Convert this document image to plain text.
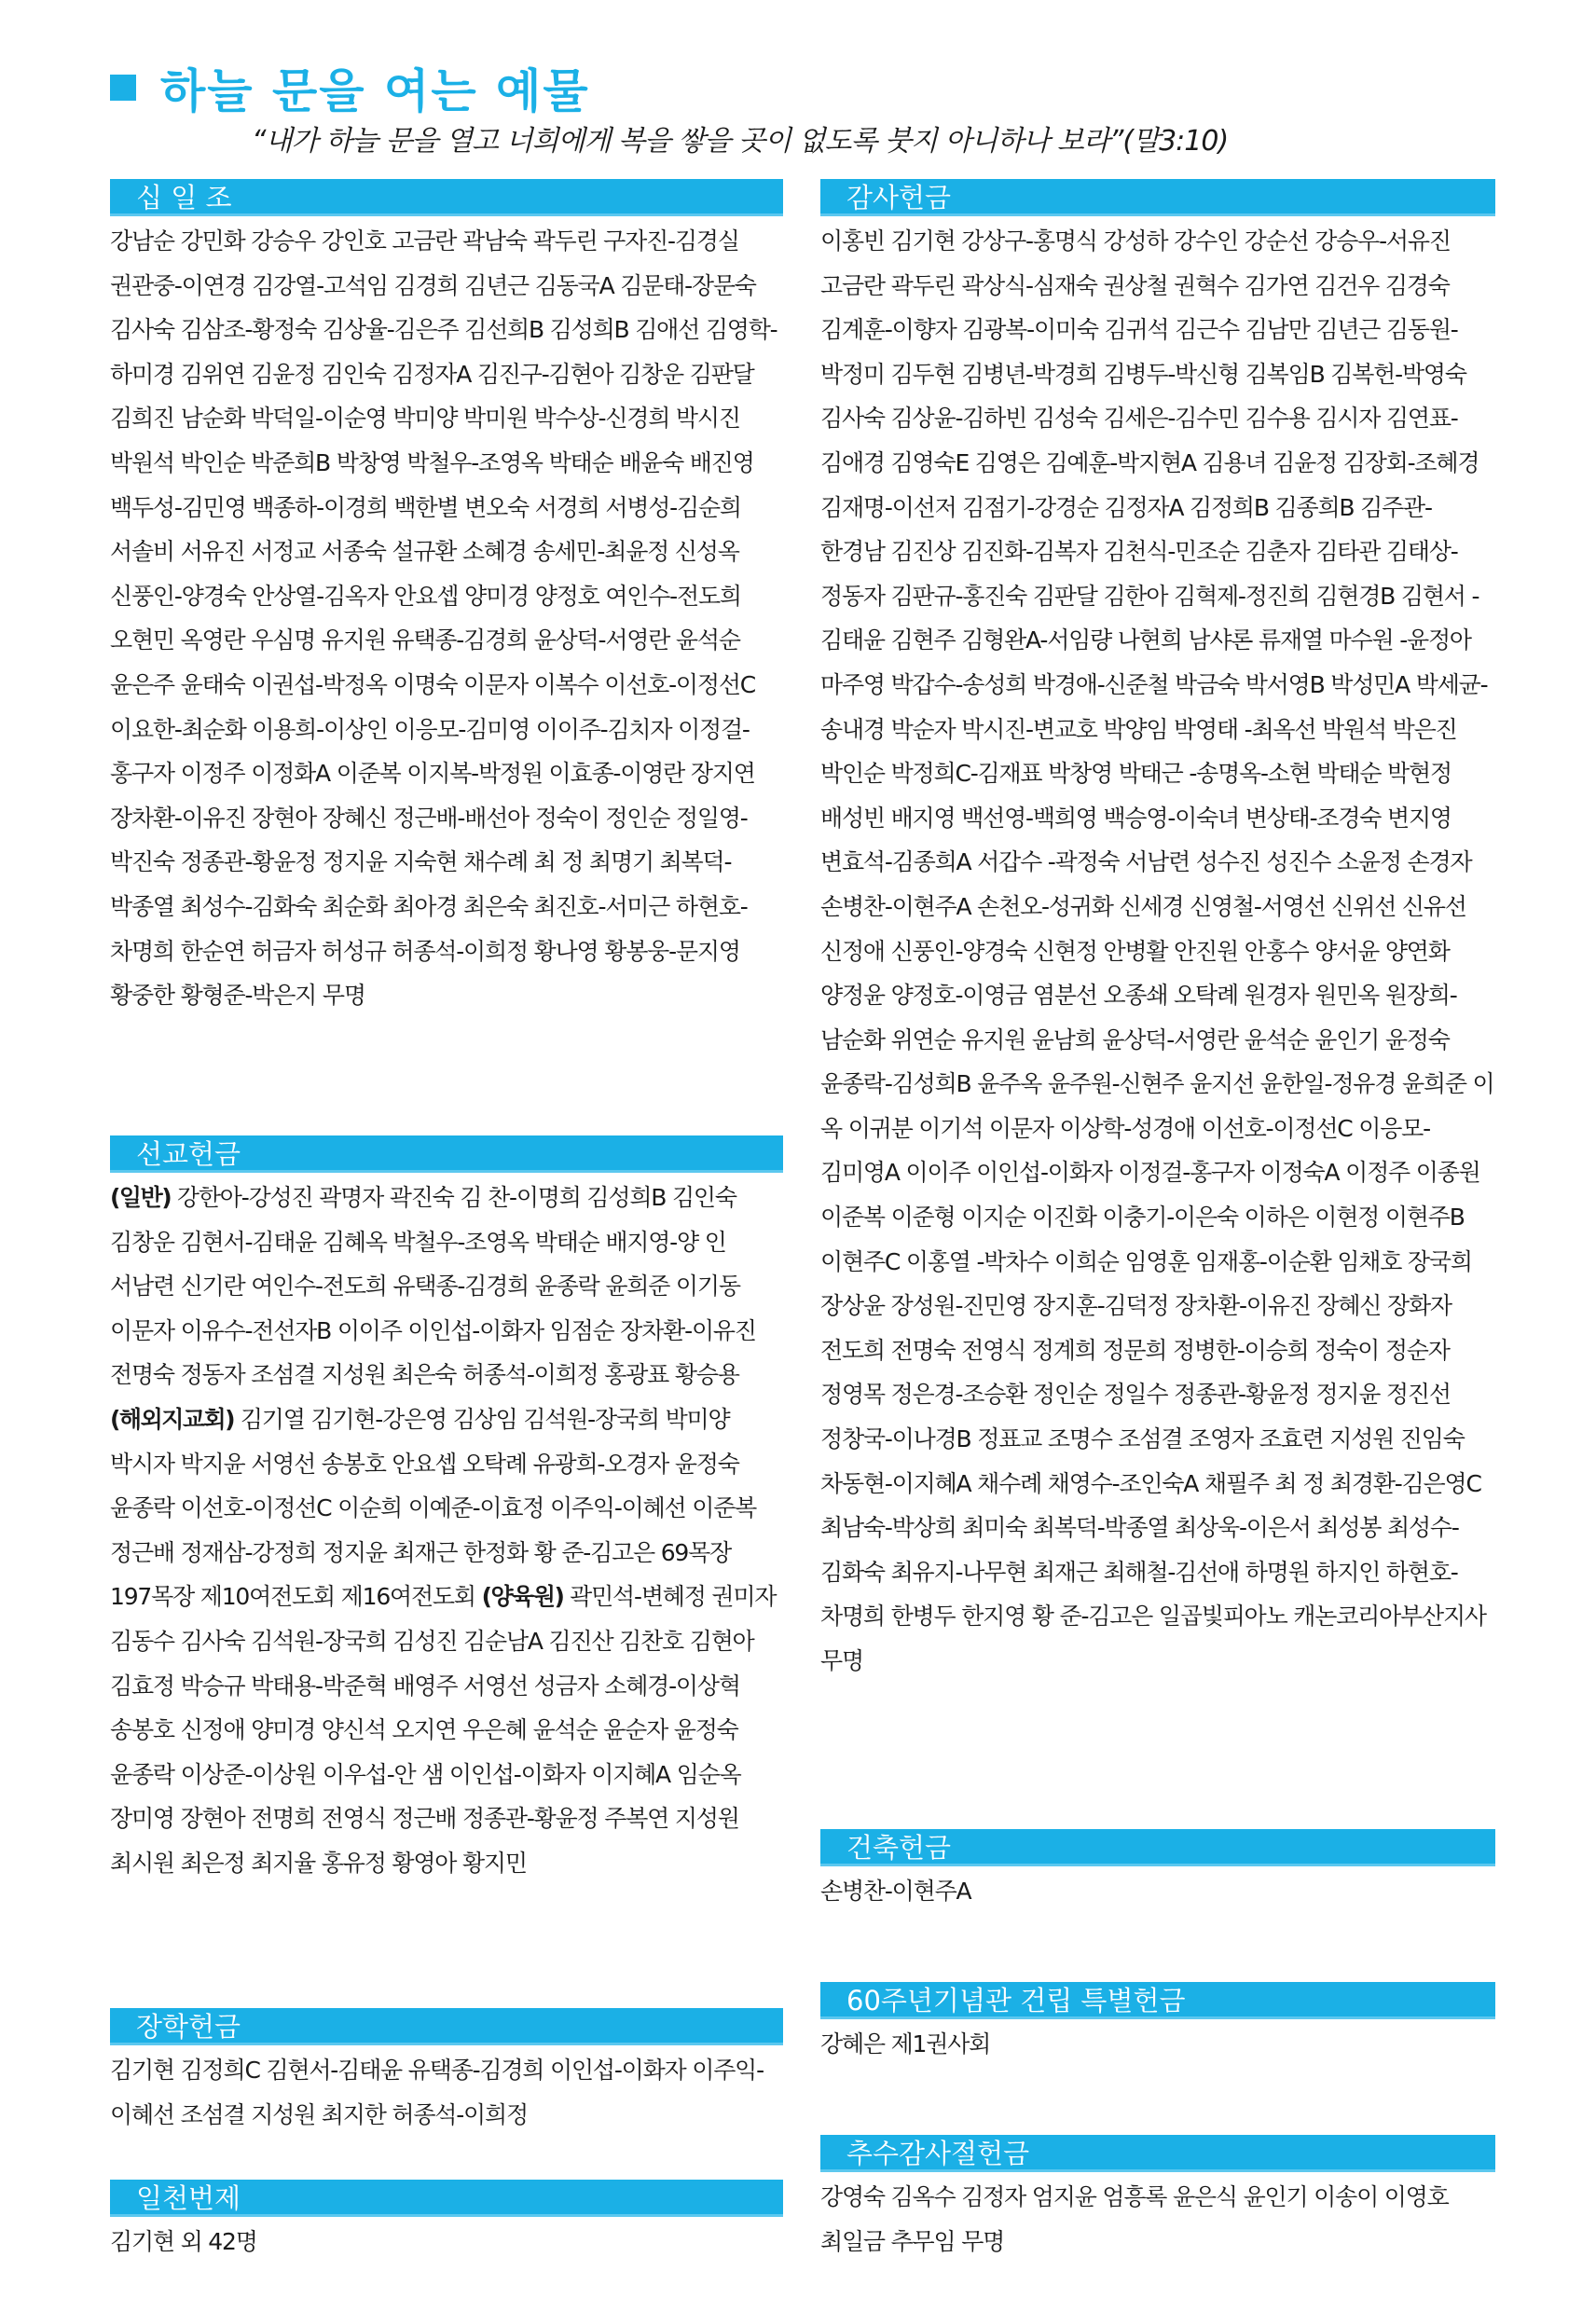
하늘 문을 여는 예물
“내가 하늘 문을 열고 너희에게 복을 쌓을 곳이 없도록 붓지 아니하나 보라”(말3:10)
십 일 조
강남순 강민화 강승우 강인호 고금란 곽남숙 곽두린 구자진-김경실 권관중-이연경 김강열-고석임 김경희 김년근 김동국A 김문태-장문숙 김사숙 김삼조-황정숙 김상율-김은주 김선희B 김성희B 김애선 김영학-하미경 김위연 김윤정 김인숙 김정자A 김진구-김현아 김창운 김판달 김희진 남순화 박덕일-이순영 박미양 박미원 박수상-신경희 박시진 박원석 박인순 박준희B 박창영 박철우-조영옥 박태순 배윤숙 배진영 백두성-김민영 백종하-이경희 백한별 변오숙 서경희 서병성-김순희 서솔비 서유진 서정교 서종숙 설규환 소혜경 송세민-최윤정 신성옥 신풍인-양경숙 안상열-김옥자 안요셉 양미경 양정호 여인수-전도희 오현민 옥영란 우심명 유지원 유택종-김경희 윤상덕-서영란 윤석순 윤은주 윤태숙 이권섭-박정옥 이명숙 이문자 이복수 이선호-이정선C 이요한-최순화 이용희-이상인 이응모-김미영 이이주-김치자 이정걸-홍구자 이정주 이정화A 이준복 이지복-박정원 이효종-이영란 장지연 장차환-이유진 장현아 장혜신 정근배-배선아 정숙이 정인순 정일영-박진숙 정종관-황윤정 정지윤 지숙현 채수례 최 정 최명기 최복덕-박종열 최성수-김화숙 최순화 최아경 최은숙 최진호-서미근 하현호-차명희 한순연 허금자 허성규 허종석-이희정 황나영 황봉웅-문지영 황중한 황형준-박은지 무명
선교헌금
(일반) 강한아-강성진 곽명자 곽진숙 김 찬-이명희 김성희B 김인숙 김창운 김현서-김태윤 김혜옥 박철우-조영옥 박태순 배지영-양 인 서남련 신기란 여인수-전도희 유택종-김경희 윤종락 윤희준 이기동 이문자 이유수-전선자B 이이주 이인섭-이화자 임점순 장차환-이유진 전명숙 정동자 조섬결 지성원 최은숙 허종석-이희정 홍광표 황승용 (해외지교회) 김기열 김기현-강은영 김상임 김석원-장국희 박미양 박시자 박지윤 서영선 송봉호 안요셉 오탁례 유광희-오경자 윤정숙 윤종락 이선호-이정선C 이순희 이예준-이효정 이주익-이혜선 이준복 정근배 정재삼-강정희 정지윤 최재근 한정화 황 준-김고은 69목장 197목장 제10여전도회 제16여전도회 (양육원) 곽민석-변혜정 권미자 김동수 김사숙 김석원-장국희 김성진 김순남A 김진산 김찬호 김현아 김효정 박승규 박태용-박준혁 배영주 서영선 성금자 소혜경-이상혁 송봉호 신정애 양미경 양신석 오지연 우은혜 윤석순 윤순자 윤정숙 윤종락 이상준-이상원 이우섭-안 샘 이인섭-이화자 이지혜A 임순옥 장미영 장현아 전명희 전영식 정근배 정종관-황윤정 주복연 지성원 최시원 최은정 최지율 홍유정 황영아 황지민
장학헌금
김기현 김정희C 김현서-김태윤 유택종-김경희 이인섭-이화자 이주익-이혜선 조섬결 지성원 최지한 허종석-이희정
일천번제
김기현 외 42명
감사헌금
이홍빈 김기현 강상구-홍명식 강성하 강수인 강순선 강승우-서유진 고금란 곽두린 곽상식-심재숙 권상철 권혁수 김가연 김건우 김경숙 김계훈-이향자 김광복-이미숙 김귀석 김근수 김남만 김년근 김동원-박정미 김두현 김병년-박경희 김병두-박신형 김복임B 김복헌-박영숙 김사숙 김상윤-김하빈 김성숙 김세은-김수민 김수용 김시자 김연표-김애경 김영숙E 김영은 김예훈-박지현A 김용녀 김윤정 김장회-조혜경 김재명-이선저 김점기-강경순 김정자A 김정희B 김종희B 김주관-한경남 김진상 김진화-김복자 김천식-민조순 김춘자 김타관 김태상-정동자 김판규-홍진숙 김판달 김한아 김혁제-정진희 김현경B 김현서 -김태윤 김현주 김형완A-서임량 나현희 남샤론 류재열 마수원 -윤정아 마주영 박갑수-송성희 박경애-신준철 박금숙 박서영B 박성민A 박세균-송내경 박순자 박시진-변교호 박양임 박영태 -최옥선 박원석 박은진 박인순 박정희C-김재표 박창영 박태근 -송명옥-소현 박태순 박현정 배성빈 배지영 백선영-백희영 백승영-이숙녀 변상태-조경숙 변지영 변효석-김종희A 서갑수 -곽정숙 서남련 성수진 성진수 소윤정 손경자 손병찬-이현주A 손천오-성귀화 신세경 신영철-서영선 신위선 신유선 신정애 신풍인-양경숙 신현정 안병활 안진원 안홍수 양서윤 양연화 양정윤 양정호-이영금 염분선 오종쇄 오탁례 원경자 원민옥 원장희-남순화 위연순 유지원 윤남희 윤상덕-서영란 윤석순 윤인기 윤정숙 윤종락-김성희B 윤주옥 윤주원-신현주 윤지선 윤한일-정유경 윤희준 이 옥 이귀분 이기석 이문자 이상학-성경애 이선호-이정선C 이응모-김미영A 이이주 이인섭-이화자 이정걸-홍구자 이정숙A 이정주 이종원 이준복 이준형 이지순 이진화 이충기-이은숙 이하은 이현정 이현주B 이현주C 이홍열 -박차수 이희순 임영훈 임재홍-이순환 임채호 장국희 장상윤 장성원-진민영 장지훈-김덕정 장차환-이유진 장혜신 장화자 전도희 전명숙 전영식 정계희 정문희 정병한-이승희 정숙이 정순자 정영목 정은경-조승환 정인순 정일수 정종관-황윤정 정지윤 정진선 정창국-이나경B 정표교 조명수 조섬결 조영자 조효련 지성원 진임숙 차동현-이지혜A 채수례 채영수-조인숙A 채필주 최 정 최경환-김은영C 최남숙-박상희 최미숙 최복덕-박종열 최상욱-이은서 최성봉 최성수-김화숙 최유지-나무현 최재근 최해철-김선애 하명원 하지인 하현호-차명희 한병두 한지영 황 준-김고은 일곱빛피아노 캐논코리아부산지사 무명
건축헌금
손병찬-이현주A
60주년기념관 건립 특별헌금
강혜은 제1권사회
추수감사절헌금
강영숙 김옥수 김정자 엄지윤 엄흥록 윤은식 윤인기 이송이 이영호 최일금 추무임 무명
